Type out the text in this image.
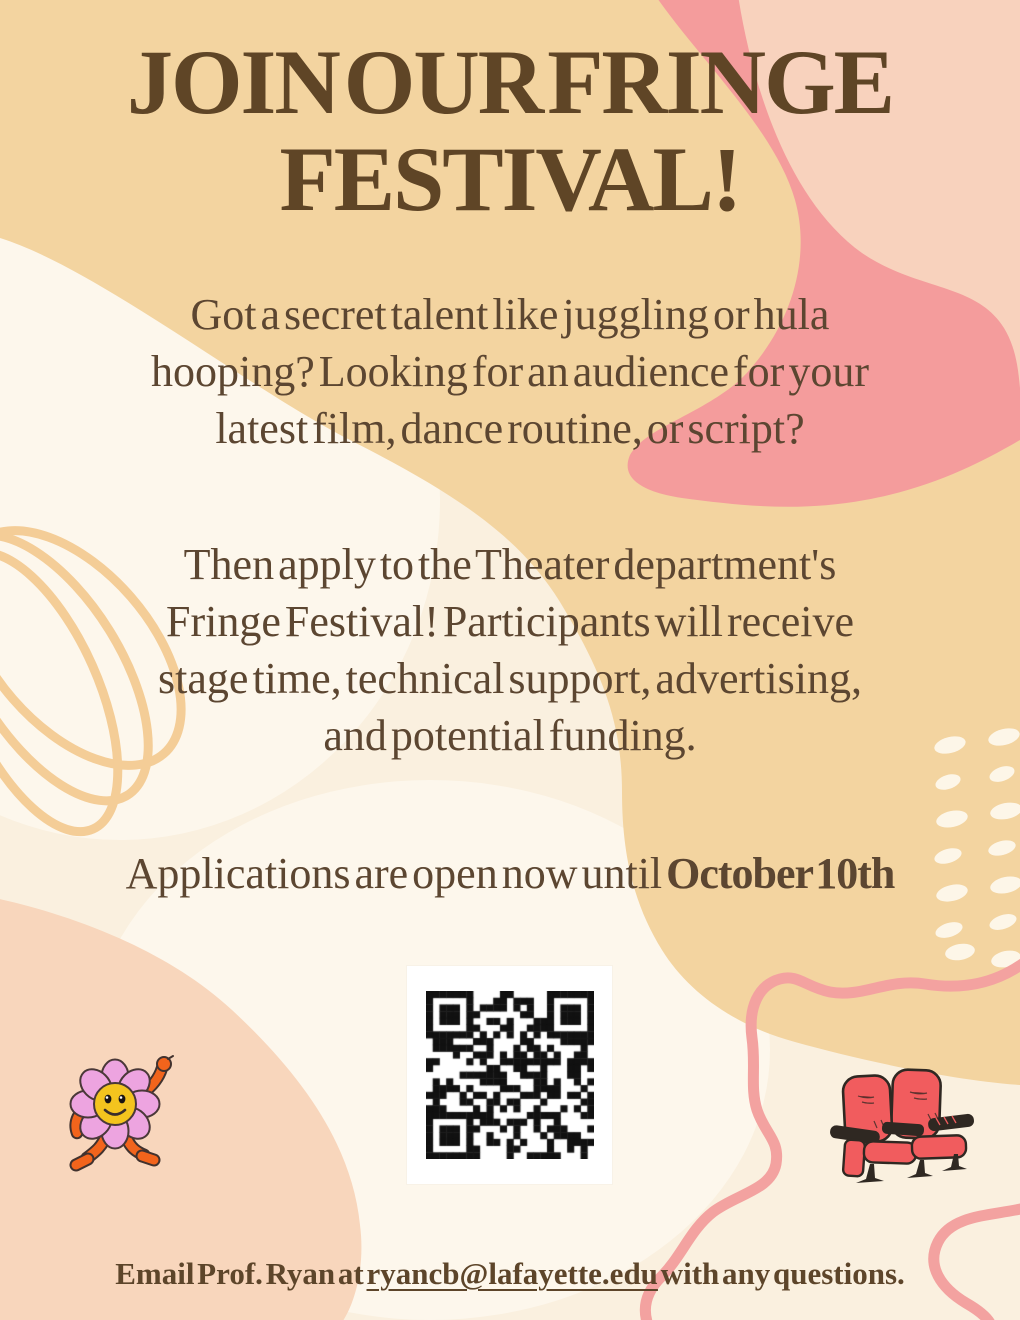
JOIN OUR FRINGE
FESTIVAL!
Got a secret talent like juggling or hula
hooping? Looking for an audience for your
latest film, dance routine, or script?
Then apply to the Theater department's
Fringe Festival! Participants will receive
stage time, technical support, advertising,
and potential funding.
Applications are open now until October 10th
Email Prof. Ryan at ryancb@lafayette.edu with any questions.
